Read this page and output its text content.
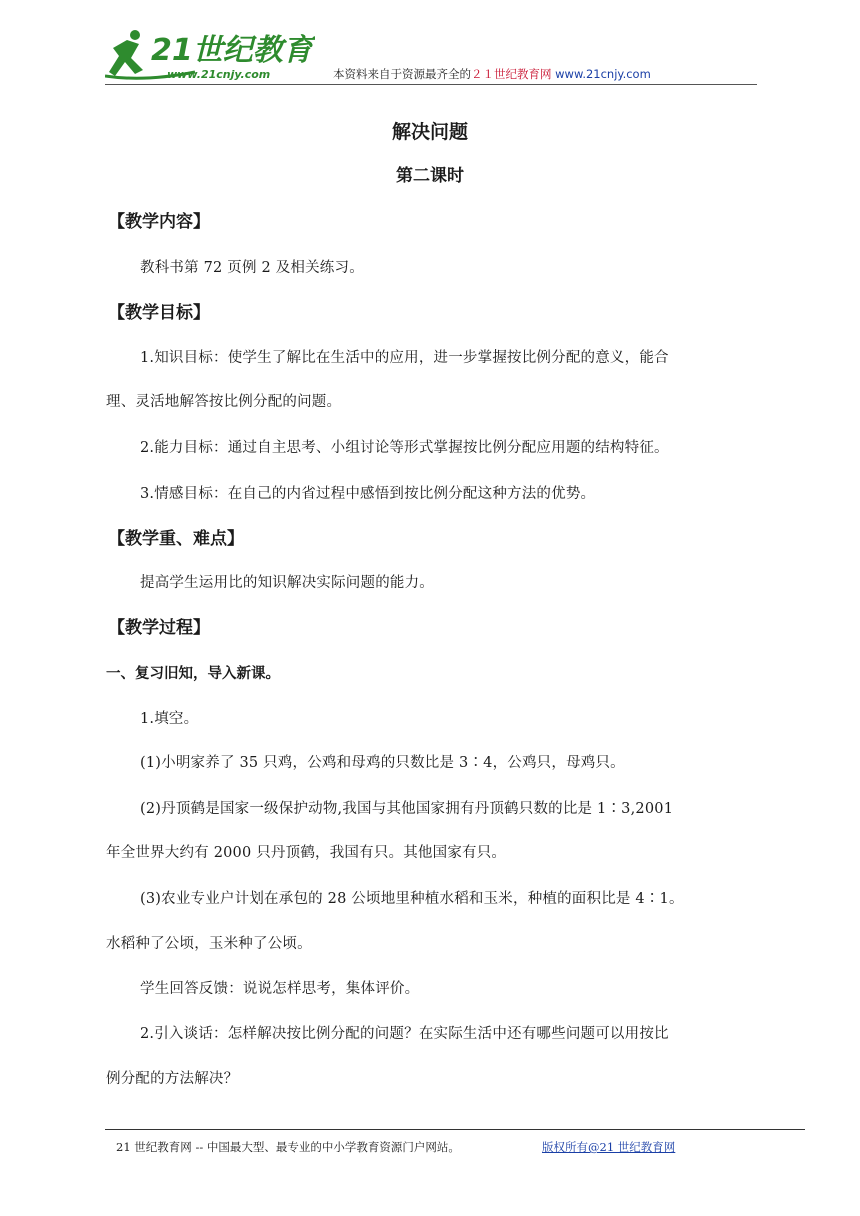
21世纪教育
www.21cnjy.com	本资料来自于资源最齐全的２１世纪教育网 www.21cnjy.com
解决问题
第二课时
【教学内容】
教科书第 72 页例 2 及相关练习。
【教学目标】
1.知识目标：使学生了解比在生活中的应用，进一步掌握按比例分配的意义，能合
理、灵活地解答按比例分配的问题。
2.能力目标：通过自主思考、小组讨论等形式掌握按比例分配应用题的结构特征。
3.情感目标：在自己的内省过程中感悟到按比例分配这种方法的优势。
【教学重、难点】
提高学生运用比的知识解决实际问题的能力。
【教学过程】
一、复习旧知，导入新课。
1.填空。
(1)小明家养了 35 只鸡，公鸡和母鸡的只数比是 3∶4，公鸡只，母鸡只。
(2)丹顶鹤是国家一级保护动物,我国与其他国家拥有丹顶鹤只数的比是 1∶3,2001
年全世界大约有 2000 只丹顶鹤，我国有只。其他国家有只。
(3)农业专业户计划在承包的 28 公顷地里种植水稻和玉米，种植的面积比是 4∶1。
水稻种了公顷，玉米种了公顷。
学生回答反馈：说说怎样思考，集体评价。
2.引入谈话：怎样解决按比例分配的问题？在实际生活中还有哪些问题可以用按比
例分配的方法解决？
21 世纪教育网 -- 中国最大型、最专业的中小学教育资源门户网站。	版权所有@21 世纪教育网
